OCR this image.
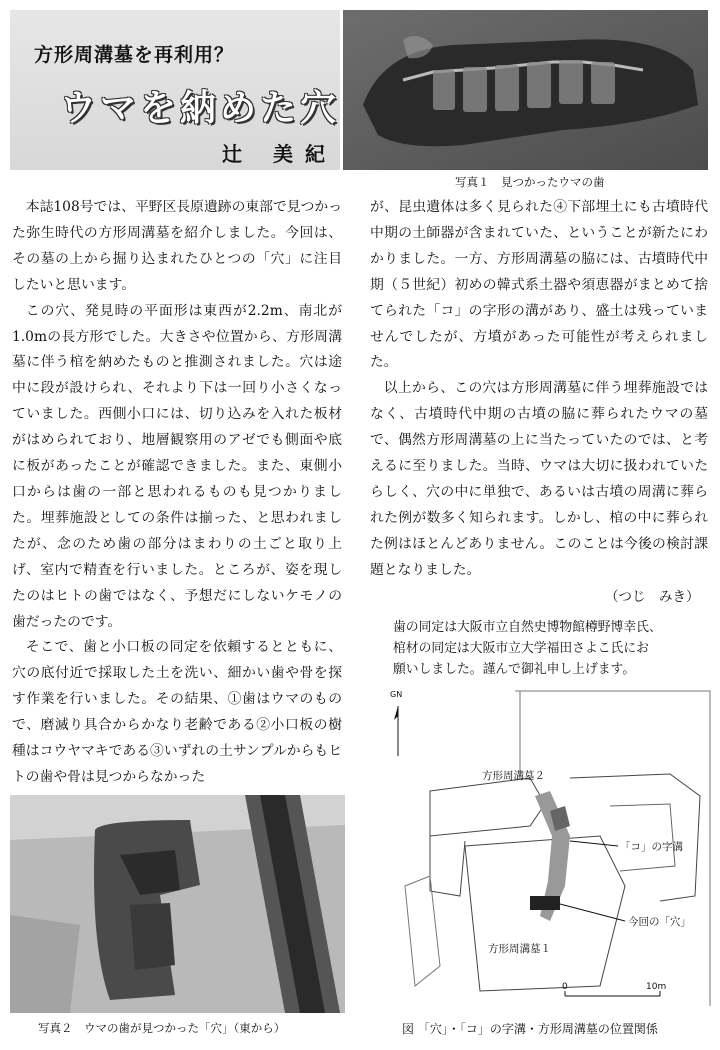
方形周溝墓を再利用？
ウマを納めた穴
辻 美紀
写真１　見つかったウマの歯

本誌108号では、平野区長原遺跡の東部で見つかった弥生時代の方形周溝墓を紹介しました。今回は、その墓の上から掘り込まれたひとつの「穴」に注目したいと思います。

この穴、発見時の平面形は東西が2.2m、南北が1.0mの長方形でした。大きさや位置から、方形周溝墓に伴う棺を納めたものと推測されました。穴は途中に段が設けられ、それより下は一回り小さくなっていました。西側小口には、切り込みを入れた板材がはめられており、地層観察用のアゼでも側面や底に板があったことが確認できました。また、東側小口からは歯の一部と思われるものも見つかりました。埋葬施設としての条件は揃った、と思われましたが、念のため歯の部分はまわりの土ごと取り上げ、室内で精査を行いました。ところが、姿を現したのはヒトの歯ではなく、予想だにしないケモノの歯だったのです。

そこで、歯と小口板の同定を依頼するとともに、穴の底付近で採取した土を洗い、細かい歯や骨を探す作業を行いました。その結果、①歯はウマのもので、磨滅り具合からかなり老齢である②小口板の樹種はコウヤマキである③いずれの土サンプルからもヒトの歯や骨は見つからなかった

が、昆虫遺体は多く見られた④下部埋土にも古墳時代中期の土師器が含まれていた、ということが新たにわかりました。一方、方形周溝墓の脇には、古墳時代中期（５世紀）初めの韓式系土器や須恵器がまとめて捨てられた「コ」の字形の溝があり、盛土は残っていませんでしたが、方墳があった可能性が考えられました。

以上から、この穴は方形周溝墓に伴う埋葬施設ではなく、古墳時代中期の古墳の脇に葬られたウマの墓で、偶然方形周溝墓の上に当たっていたのでは、と考えるに至りました。当時、ウマは大切に扱われていたらしく、穴の中に単独で、あるいは古墳の周溝に葬られた例が数多く知られます。しかし、棺の中に葬られた例はほとんどありません。このことは今後の検討課題となりました。

（つじ　みき）

歯の同定は大阪市立自然史博物館樽野博幸氏、

棺材の同定は大阪市立大学福田さよこ氏にお

願いしました。謹んで御礼申し上げます。

写真２　ウマの歯が見つかった「穴」（東から）
GN
方形周溝墓２
「コ」の字溝
今回の「穴」
方形周溝墓１
0	10m
図 「穴」・「コ」の字溝・方形周溝墓の位置関係
